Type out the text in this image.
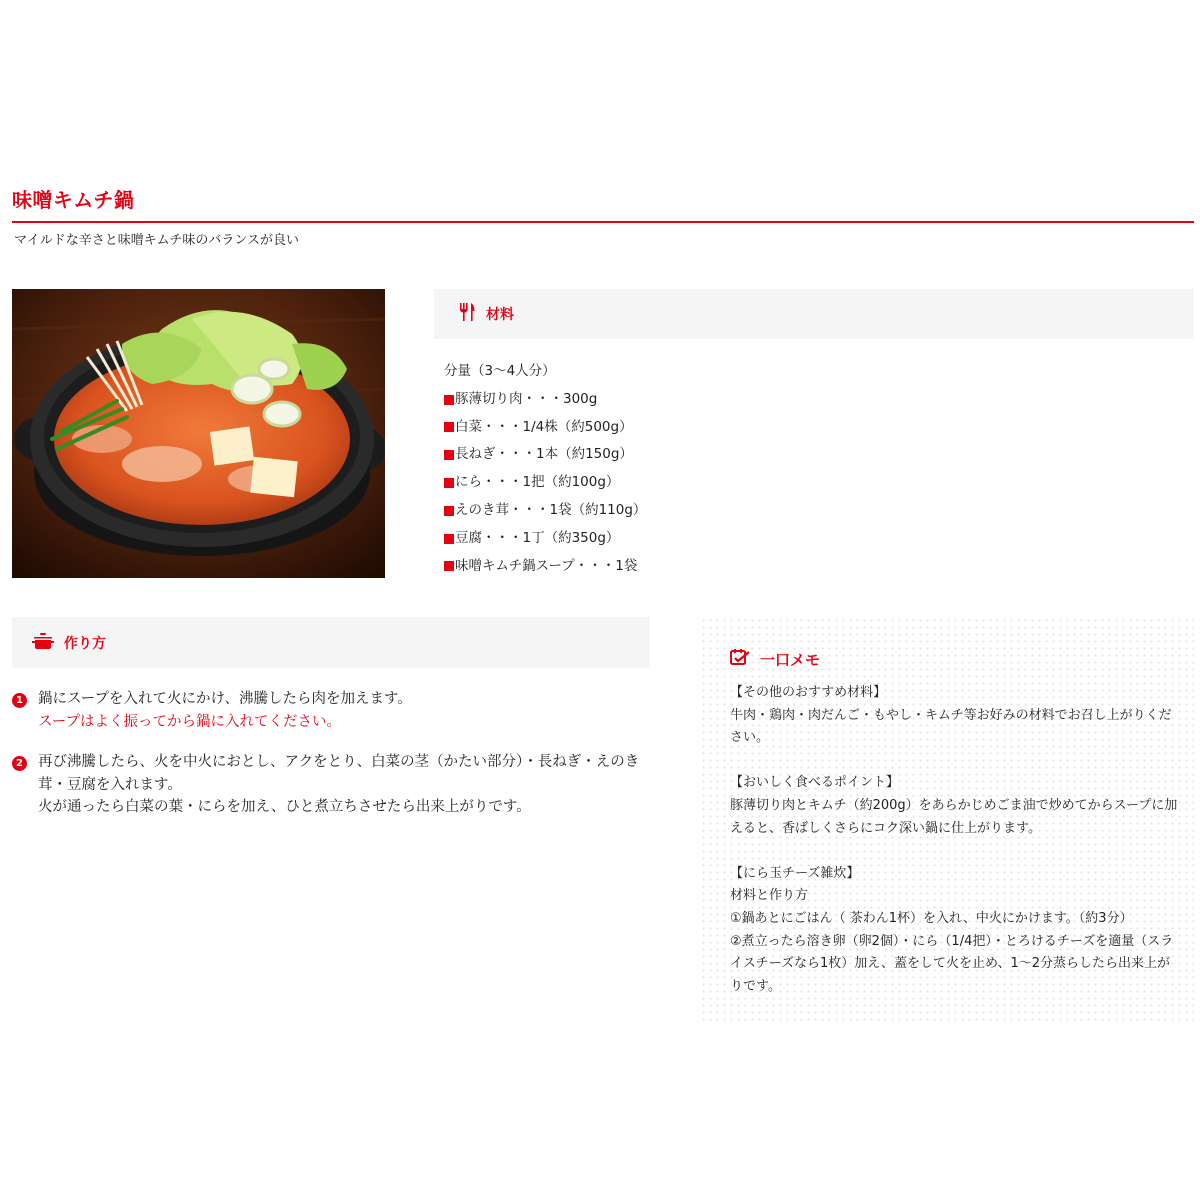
味噌キムチ鍋
マイルドな辛さと味噌キムチ味のバランスが良い
材料
分量（3〜4人分）
豚薄切り肉・・・300g
白菜・・・1/4株（約500g）
長ねぎ・・・1本（約150g）
にら・・・1把（約100g）
えのき茸・・・1袋（約110g）
豆腐・・・1丁（約350g）
味噌キムチ鍋スープ・・・1袋
作り方
1 鍋にスープを入れて火にかけ、沸騰したら肉を加えます。
スープはよく振ってから鍋に入れてください。
2 再び沸騰したら、火を中火におとし、アクをとり、白菜の茎（かたい部分）・長ねぎ・えのき茸・豆腐を入れます。
火が通ったら白菜の葉・にらを加え、ひと煮立ちさせたら出来上がりです。
一口メモ

【その他のおすすめ材料】

牛肉・鶏肉・肉だんご・もやし・キムチ等お好みの材料でお召し上がりください。

【おいしく食べるポイント】

豚薄切り肉とキムチ（約200g）をあらかじめごま油で炒めてからスープに加えると、香ばしくさらにコク深い鍋に仕上がります。

【にら玉チーズ雑炊】

材料と作り方

①鍋あとにごはん（ 茶わん1杯）を入れ、中火にかけます。（約3分）

②煮立ったら溶き卵（卵2個）・にら（1/4把）・とろけるチーズを適量（スライスチーズなら1枚）加え、蓋をして火を止め、1〜2分蒸らしたら出来上がりです。
